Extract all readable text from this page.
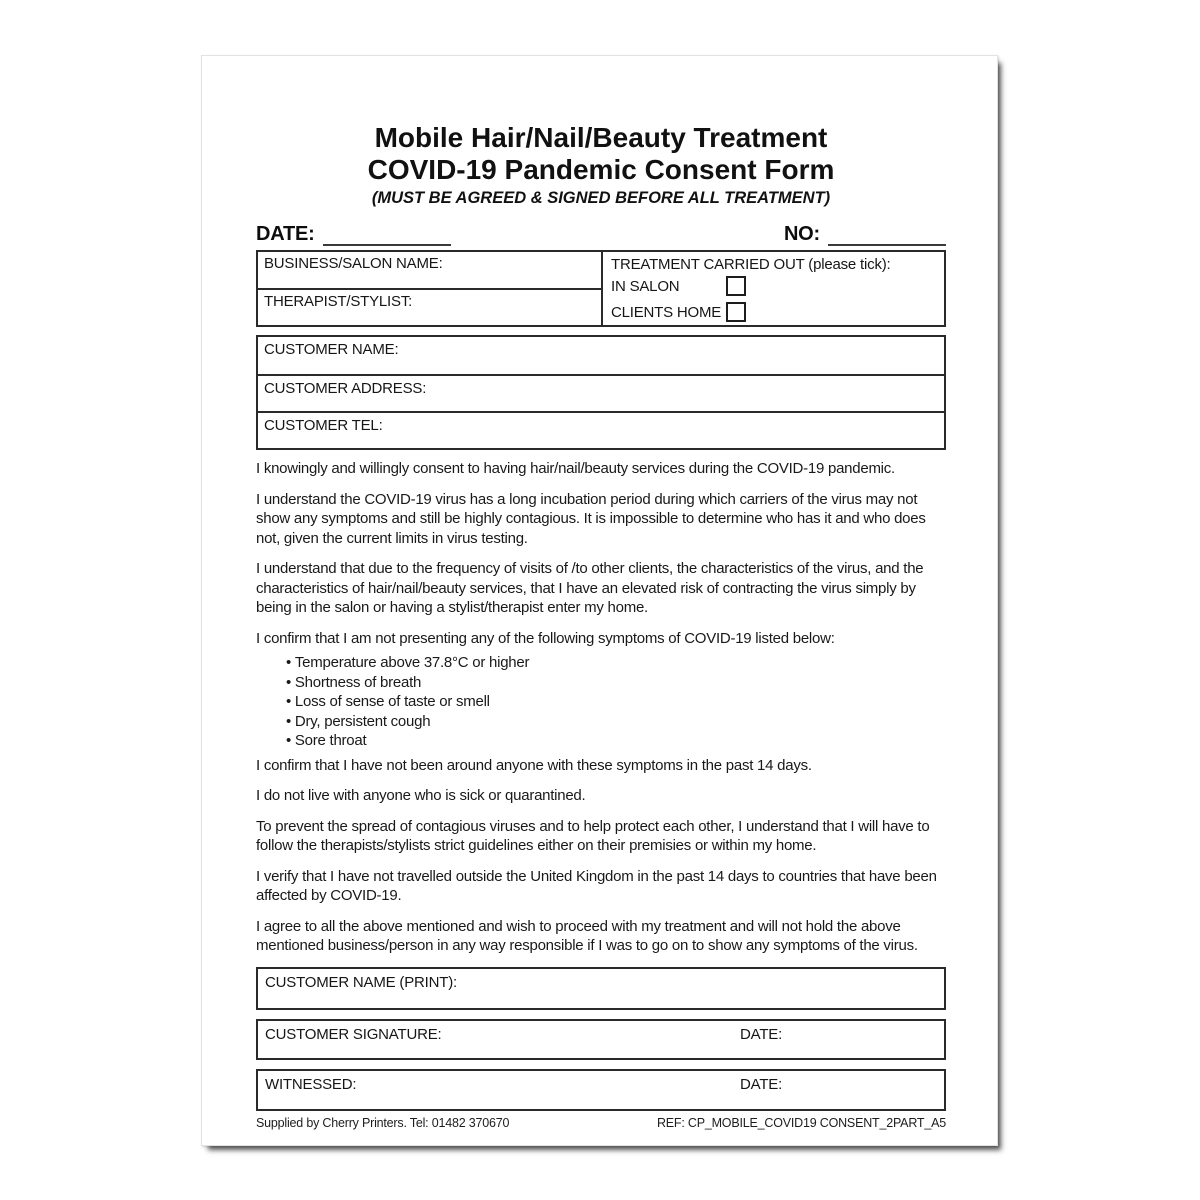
Mobile Hair/Nail/Beauty Treatment
COVID-19 Pandemic Consent Form
(MUST BE AGREED & SIGNED BEFORE ALL TREATMENT)
DATE:	NO:
BUSINESS/SALON NAME:
THERAPIST/STYLIST:
TREATMENT CARRIED OUT (please tick):
IN SALON
CLIENTS HOME
CUSTOMER NAME:
CUSTOMER ADDRESS:
CUSTOMER TEL:

I knowingly and willingly consent to having hair/nail/beauty services during the COVID-19 pandemic.

I understand the COVID-19 virus has a long incubation period during which carriers of the virus may not show any symptoms and still be highly contagious. It is impossible to determine who has it and who does not, given the current limits in virus testing.

I understand that due to the frequency of visits of /to other clients, the characteristics of the virus, and the characteristics of hair/nail/beauty services, that I have an elevated risk of contracting the virus simply by being in the salon or having a stylist/therapist enter my home.

I confirm that I am not presenting any of the following symptoms of COVID-19 listed below:

• Temperature above 37.8°C or higher
• Shortness of breath
• Loss of sense of taste or smell
• Dry, persistent cough
• Sore throat

I confirm that I have not been around anyone with these symptoms in the past 14 days.

I do not live with anyone who is sick or quarantined.

To prevent the spread of contagious viruses and to help protect each other, I understand that I will have to follow the therapists/stylists strict guidelines either on their premisies or within my home.

I verify that I have not travelled outside the United Kingdom in the past 14 days to countries that have been affected by COVID-19.

I agree to all the above mentioned and wish to proceed with my treatment and will not hold the above mentioned business/person in any way responsible if I was to go on to show any symptoms of the virus.

CUSTOMER NAME (PRINT):
CUSTOMER SIGNATURE:	DATE:
WITNESSED:	DATE:
Supplied by Cherry Printers. Tel: 01482 370670	REF: CP_MOBILE_COVID19 CONSENT_2PART_A5
